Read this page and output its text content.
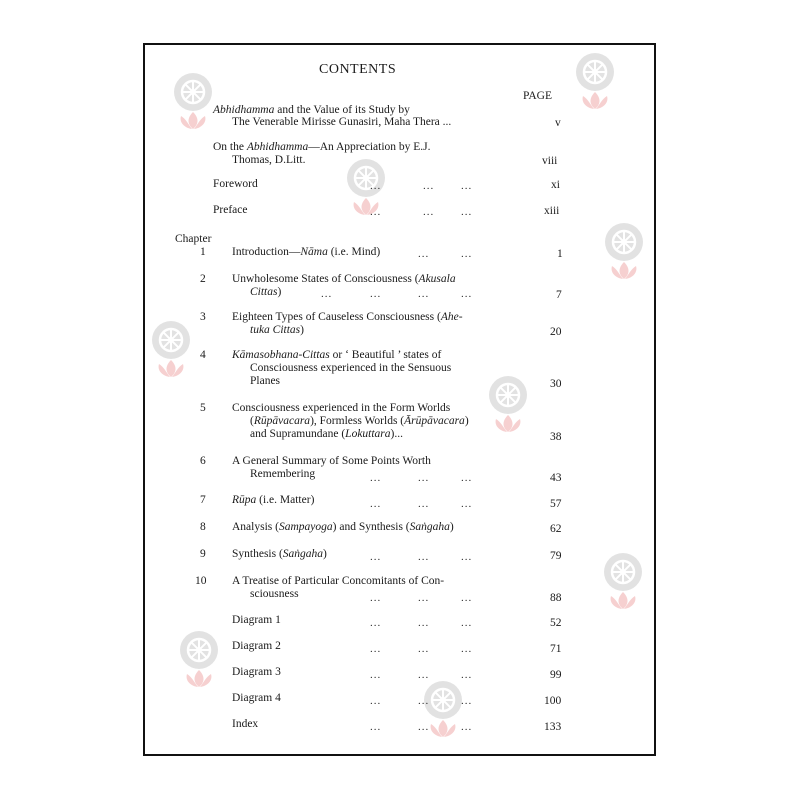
CONTENTS
PAGE
Abhidhamma and the Value of its Study by
The Venerable Mirisse Gunasiri, Maha Thera ...	v
On the Abhidhamma—An Appreciation by E.J.
Thomas, D.Litt.	viii
Foreword	...	... ...	xi
Preface	...	... ...	xiii
Chapter
1 Introduction—Nāma (i.e. Mind)	...	...	1
2 Unwholesome States of Consciousness (Akusala
Cittas)	...	...	...	...	7
3 Eighteen Types of Causeless Consciousness (Ahe-
tuka Cittas)	20
4 Kāmasobhana-Cittas or ‘ Beautiful ’ states of
Consciousness experienced in the Sensuous
Planes	30
5 Consciousness experienced in the Form Worlds
(Rūpāvacara), Formless Worlds (Ārūpāvacara)
and Supramundane (Lokuttara)...	38
6 A General Summary of Some Points Worth
Remembering	...	...	...	43
7 Rūpa (i.e. Matter)	...	...	...	57
8 Analysis (Sampayoga) and Synthesis (Saṅgaha)	62
9 Synthesis (Saṅgaha)	...	...	...	79
10 A Treatise of Particular Concomitants of Con-
sciousness	...	...	...	88
Diagram 1	...	...	...	52
Diagram 2	...	...	...	71
Diagram 3	...	...	...	99
Diagram 4	...	...	...	100
Index	...	...	...	133
